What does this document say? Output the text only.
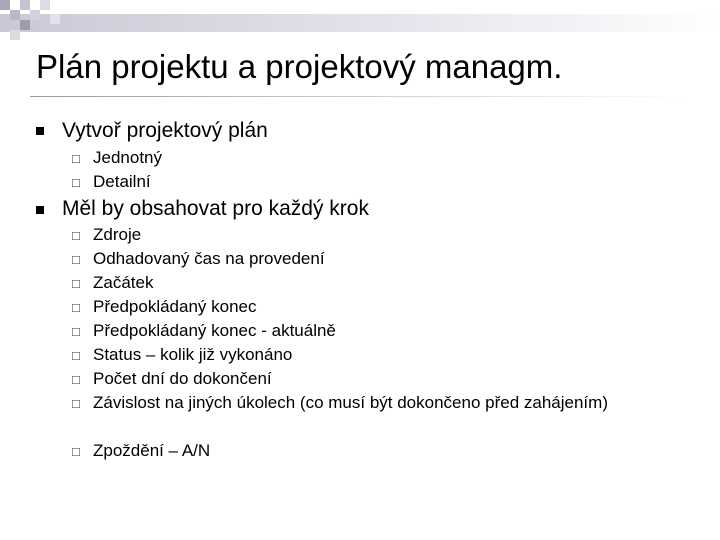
Plán projektu a projektový managm.
Vytvoř projektový plán
□ Jednotný
□ Detailní
Měl by obsahovat pro každý krok
□ Zdroje
□ Odhadovaný čas na provedení
□ Začátek
□ Předpokládaný konec
□ Předpokládaný konec - aktuálně
□ Status – kolik již vykonáno
□ Počet dní do dokončení
□ Závislost na jiných úkolech (co musí být dokončeno před zahájením)
□ Zpoždění – A/N
